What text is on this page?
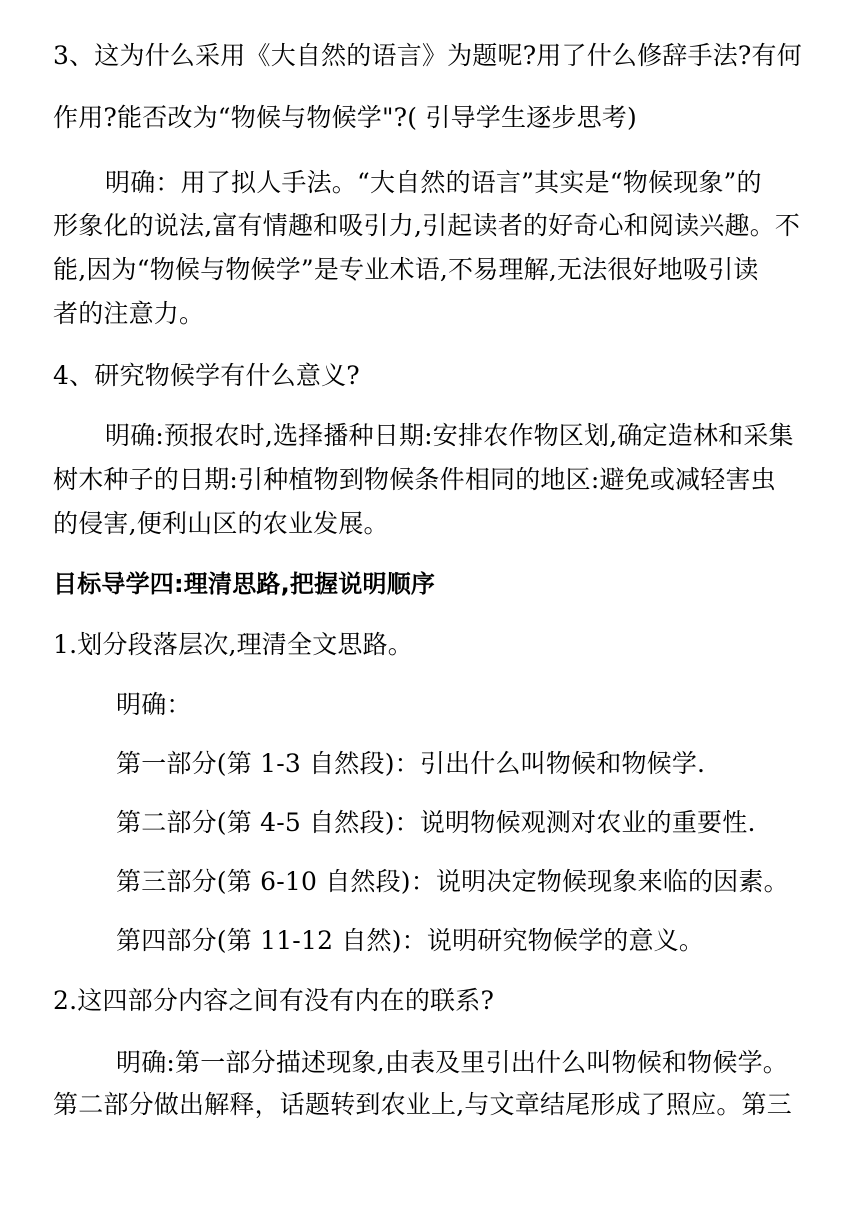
3、这为什么采用《大自然的语言》为题呢?用了什么修辞手法?有何
作用?能否改为“物候与物候学"?( 引导学生逐步思考)
明确：用了拟人手法。“大自然的语言”其实是“物候现象”的
形象化的说法,富有情趣和吸引力,引起读者的好奇心和阅读兴趣。不
能,因为“物候与物候学”是专业术语,不易理解,无法很好地吸引读
者的注意力。
4、研究物候学有什么意义?
明确:预报农时,选择播种日期:安排农作物区划,确定造林和采集
树木种子的日期:引种植物到物候条件相同的地区:避免或减轻害虫
的侵害,便利山区的农业发展。
目标导学四:理清思路,把握说明顺序
1.划分段落层次,理清全文思路。
明确：
第一部分(第 1-3 自然段)：引出什么叫物候和物候学.
第二部分(第 4-5 自然段)：说明物候观测对农业的重要性.
第三部分(第 6-10 自然段)：说明决定物候现象来临的因素。
第四部分(第 11-12 自然)：说明研究物候学的意义。
2.这四部分内容之间有没有内在的联系?
明确:第一部分描述现象,由表及里引出什么叫物候和物候学。
第二部分做出解释，话题转到农业上,与文章结尾形成了照应。第三
